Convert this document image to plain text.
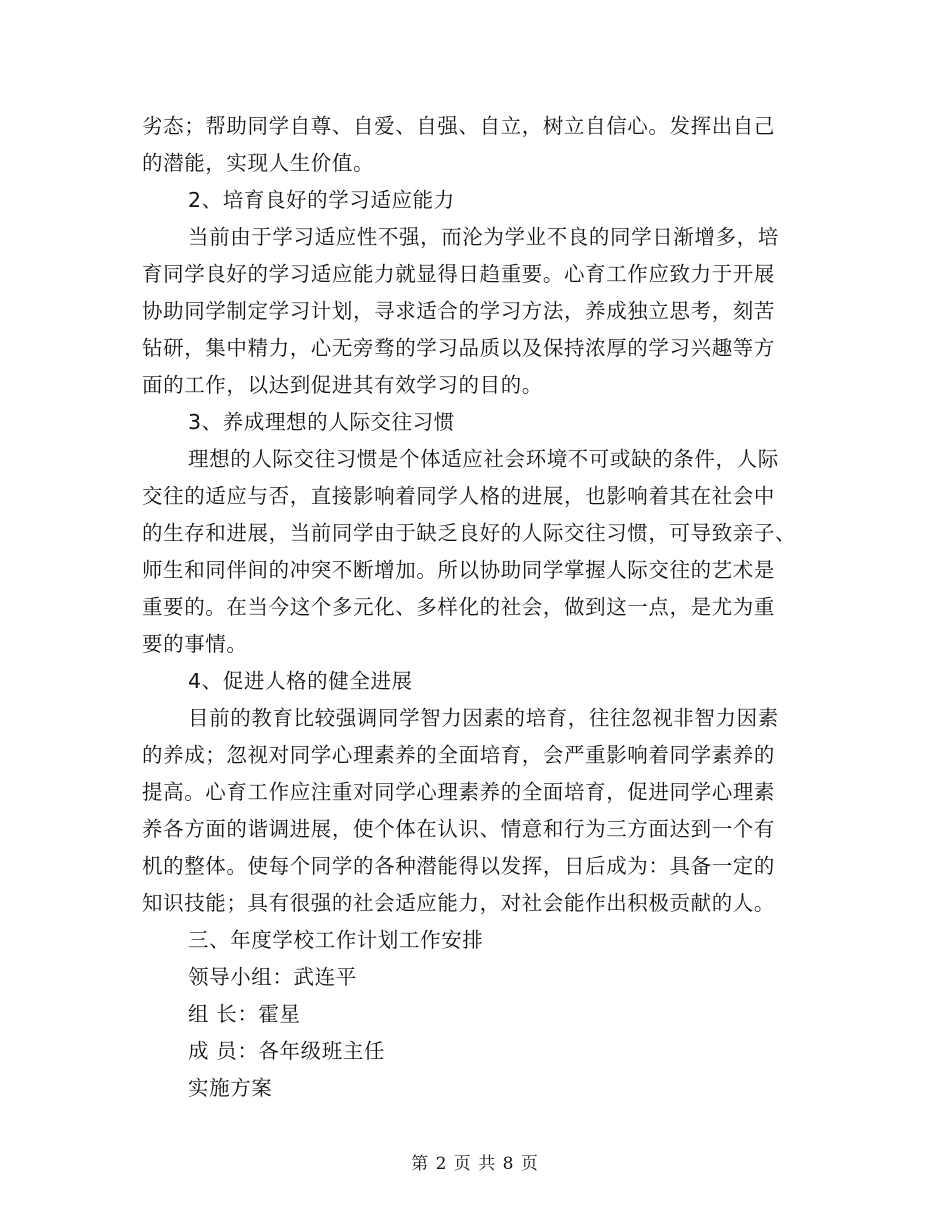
劣态；帮助同学自尊、自爱、自强、自立，树立自信心。发挥出自己
的潜能，实现人生价值。
2、培育良好的学习适应能力
当前由于学习适应性不强，而沦为学业不良的同学日渐增多，培
育同学良好的学习适应能力就显得日趋重要。心育工作应致力于开展
协助同学制定学习计划，寻求适合的学习方法，养成独立思考，刻苦
钻研，集中精力，心无旁骛的学习品质以及保持浓厚的学习兴趣等方
面的工作，以达到促进其有效学习的目的。
3、养成理想的人际交往习惯
理想的人际交往习惯是个体适应社会环境不可或缺的条件，人际
交往的适应与否，直接影响着同学人格的进展，也影响着其在社会中
的生存和进展，当前同学由于缺乏良好的人际交往习惯，可导致亲子、
师生和同伴间的冲突不断增加。所以协助同学掌握人际交往的艺术是
重要的。在当今这个多元化、多样化的社会，做到这一点，是尤为重
要的事情。
4、促进人格的健全进展
目前的教育比较强调同学智力因素的培育，往往忽视非智力因素
的养成；忽视对同学心理素养的全面培育，会严重影响着同学素养的
提高。心育工作应注重对同学心理素养的全面培育，促进同学心理素
养各方面的谐调进展，使个体在认识、情意和行为三方面达到一个有
机的整体。使每个同学的各种潜能得以发挥，日后成为：具备一定的
知识技能；具有很强的社会适应能力，对社会能作出积极贡献的人。
三、年度学校工作计划工作安排
领导小组：武连平
组 长：霍星
成 员：各年级班主任
实施方案
第 2 页 共 8 页
